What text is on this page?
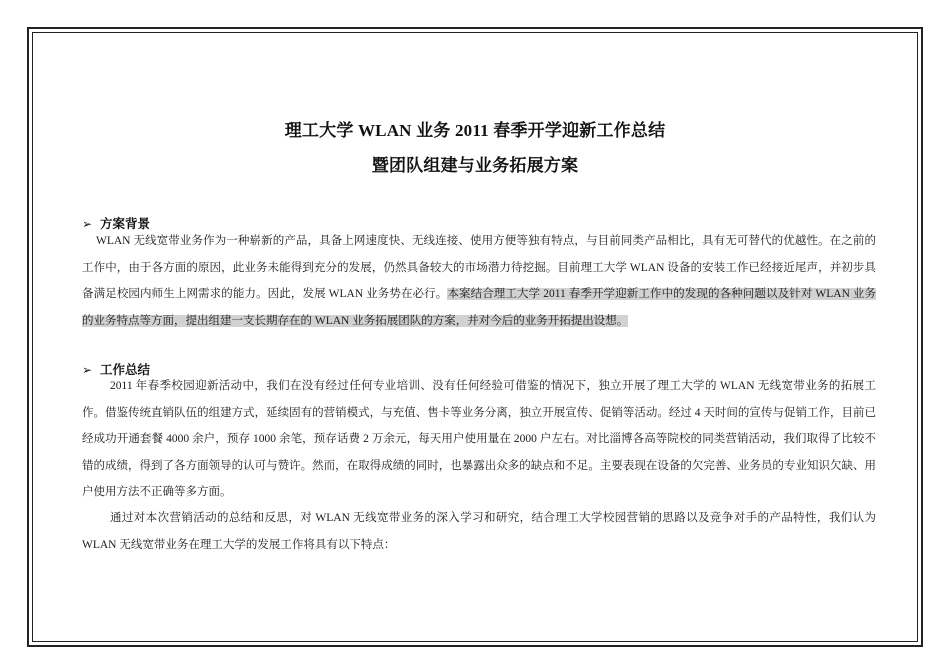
理工大学 WLAN 业务 2011 春季开学迎新工作总结
暨团队组建与业务拓展方案
➢ 方案背景
WLAN 无线宽带业务作为一种崭新的产品，具备上网速度快、无线连接、使用方便等独有特点，与目前同类产品相比，具有无可替代的优越性。在之前的工作中，由于各方面的原因，此业务未能得到充分的发展，仍然具备较大的市场潜力待挖掘。目前理工大学 WLAN 设备的安装工作已经接近尾声，并初步具备满足校园内师生上网需求的能力。因此，发展 WLAN 业务势在必行。本案结合理工大学 2011 春季开学迎新工作中的发现的各种问题以及针对 WLAN 业务的业务特点等方面，提出组建一支长期存在的 WLAN 业务拓展团队的方案，并对今后的业务开拓提出设想。
➢ 工作总结
2011 年春季校园迎新活动中，我们在没有经过任何专业培训、没有任何经验可借鉴的情况下，独立开展了理工大学的 WLAN 无线宽带业务的拓展工作。借鉴传统直销队伍的组建方式，延续固有的营销模式，与充值、售卡等业务分离，独立开展宣传、促销等活动。经过 4 天时间的宣传与促销工作，目前已经成功开通套餐 4000 余户，预存 1000 余笔，预存话费 2 万余元，每天用户使用量在 2000 户左右。对比淄博各高等院校的同类营销活动，我们取得了比较不错的成绩，得到了各方面领导的认可与赞许。然而，在取得成绩的同时，也暴露出众多的缺点和不足。主要表现在设备的欠完善、业务员的专业知识欠缺、用户使用方法不正确等多方面。
通过对本次营销活动的总结和反思，对 WLAN 无线宽带业务的深入学习和研究，结合理工大学校园营销的思路以及竞争对手的产品特性，我们认为 WLAN 无线宽带业务在理工大学的发展工作将具有以下特点：
